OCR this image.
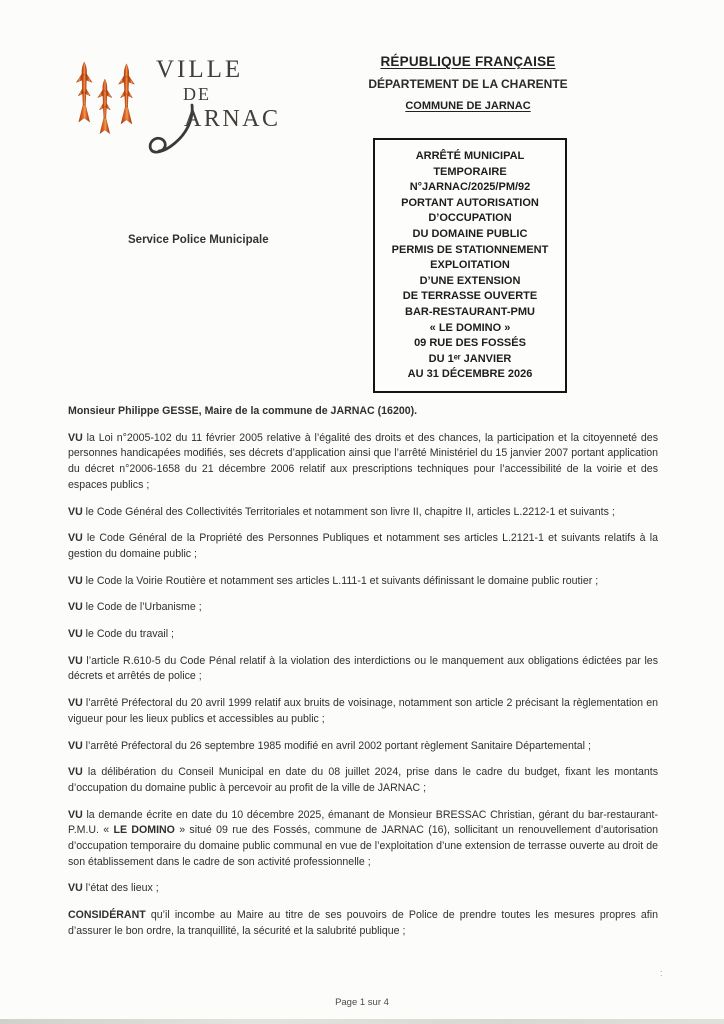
VILLE
DE
ARNAC
Service Police Municipale
RÉPUBLIQUE FRANÇAISE
DÉPARTEMENT DE LA CHARENTE
COMMUNE DE JARNAC
ARRÊTÉ MUNICIPAL
TEMPORAIRE
N°JARNAC/2025/PM/92
PORTANT AUTORISATION
D’OCCUPATION
DU DOMAINE PUBLIC
PERMIS DE STATIONNEMENT
EXPLOITATION
D’UNE EXTENSION
DE TERRASSE OUVERTE
BAR-RESTAURANT-PMU
« LE DOMINO »
09 RUE DES FOSSÉS
DU 1ᵉʳ JANVIER
AU 31 DÉCEMBRE 2026

Monsieur Philippe GESSE, Maire de la commune de JARNAC (16200).

VU la Loi n°2005-102 du 11 février 2005 relative à l’égalité des droits et des chances, la participation et la citoyenneté des personnes handicapées modifiés, ses décrets d’application ainsi que l’arrêté Ministériel du 15 janvier 2007 portant application du décret n°2006-1658 du 21 décembre 2006 relatif aux prescriptions techniques pour l’accessibilité de la voirie et des espaces publics ;

VU le Code Général des Collectivités Territoriales et notamment son livre II, chapitre II, articles L.2212-1 et suivants ;

VU le Code Général de la Propriété des Personnes Publiques et notamment ses articles L.2121-1 et suivants relatifs à la gestion du domaine public ;

VU le Code la Voirie Routière et notamment ses articles L.111-1 et suivants définissant le domaine public routier ;

VU le Code de l’Urbanisme ;

VU le Code du travail ;

VU l’article R.610-5 du Code Pénal relatif à la violation des interdictions ou le manquement aux obligations édictées par les décrets et arrêtés de police ;

VU l’arrêté Préfectoral du 20 avril 1999 relatif aux bruits de voisinage, notamment son article 2 précisant la règlementation en vigueur pour les lieux publics et accessibles au public ;

VU l’arrêté Préfectoral du 26 septembre 1985 modifié en avril 2002 portant règlement Sanitaire Départemental ;

VU la délibération du Conseil Municipal en date du 08 juillet 2024, prise dans le cadre du budget, fixant les montants d’occupation du domaine public à percevoir au profit de la ville de JARNAC ;

VU la demande écrite en date du 10 décembre 2025, émanant de Monsieur BRESSAC Christian, gérant du bar-restaurant-P.M.U. « LE DOMINO » situé 09 rue des Fossés, commune de JARNAC (16), sollicitant un renouvellement d’autorisation d’occupation temporaire du domaine public communal en vue de l’exploitation d’une extension de terrasse ouverte au droit de son établissement dans le cadre de son activité professionnelle ;

VU l’état des lieux ;

CONSIDÉRANT qu’il incombe au Maire au titre de ses pouvoirs de Police de prendre toutes les mesures propres afin d’assurer le bon ordre, la tranquillité, la sécurité et la salubrité publique ;

Page 1 sur 4
:
